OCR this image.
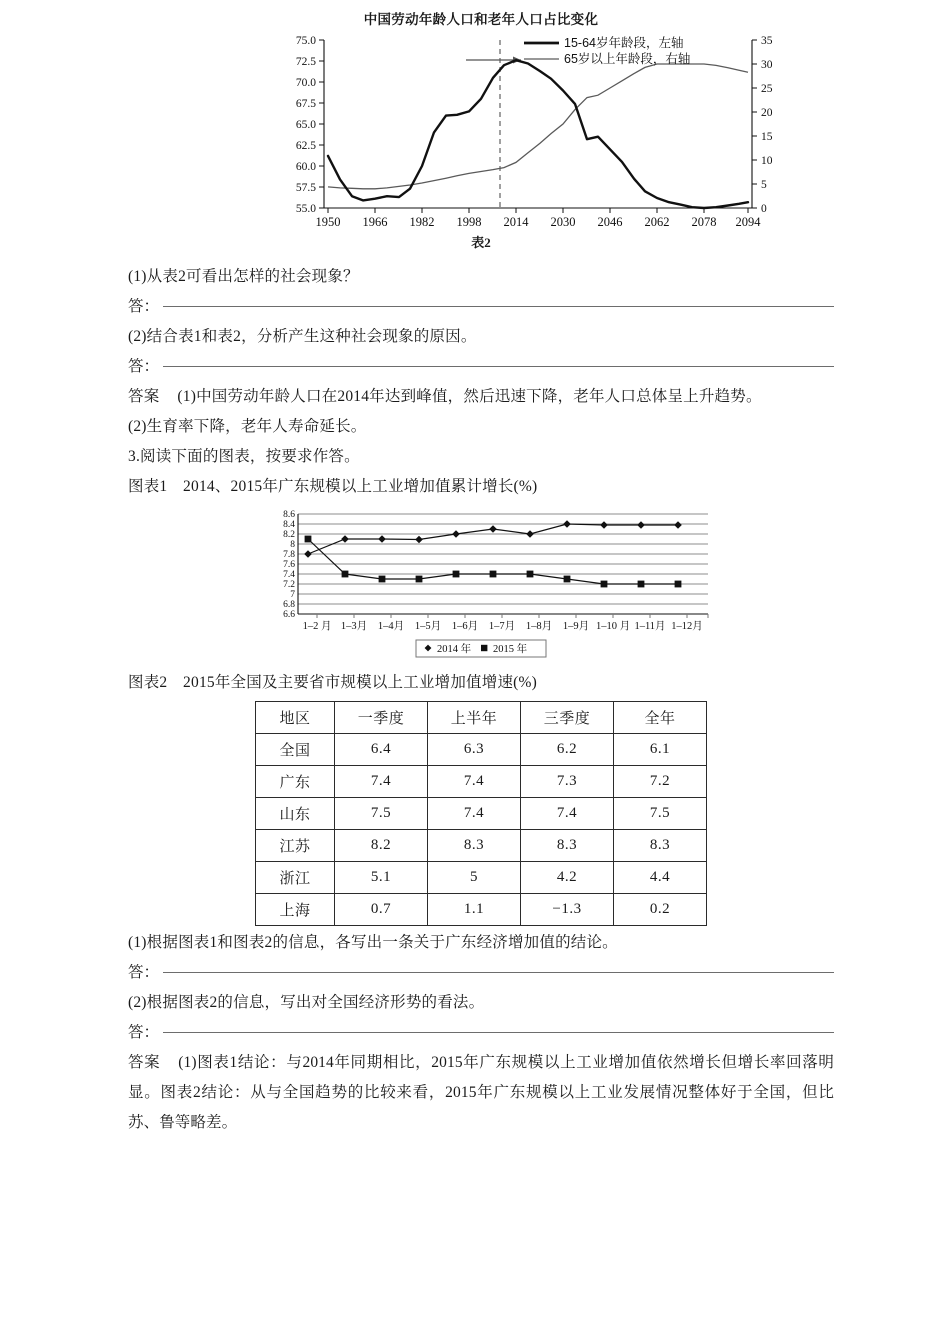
中国劳动年龄人口和老年人口占比变化
75.0
72.5
70.0
67.5
65.0
62.5
60.0
57.5
55.0
35
30
25
20
15
10
5
0
1950 1966 1982 1998 2014 2030 2046 2062 2078 2094
15-64岁年龄段，左轴
65岁以上年龄段，右轴
表2
(1)从表2可看出怎样的社会现象？
答：
(2)结合表1和表2，分析产生这种社会现象的原因。
答：
答案 (1)中国劳动年龄人口在2014年达到峰值，然后迅速下降，老年人口总体呈上升趋势。
(2)生育率下降，老年人寿命延长。
3.阅读下面的图表，按要求作答。
图表1　2014、2015年广东规模以上工业增加值累计增长(%)
8.6
8.4
8.2
8
7.8
7.6
7.4
7.2
7
6.8
6.6
1–2 月 1–3月 1–4月 1–5月 1–6月 1–7月 1–8月 1–9月 1–10 月 1–11月 1–12月
2014 年 2015 年
图表2　2015年全国及主要省市规模以上工业增加值增速(%)
地区	一季度	上半年	三季度	全年
全国	6.4	6.3	6.2	6.1
广东	7.4	7.4	7.3	7.2
山东	7.5	7.4	7.4	7.5
江苏	8.2	8.3	8.3	8.3
浙江	5.1	5	4.2	4.4
上海	0.7	1.1	−1.3	0.2
(1)根据图表1和图表2的信息，各写出一条关于广东经济增加值的结论。
答：
(2)根据图表2的信息，写出对全国经济形势的看法。
答：
答案 (1)图表1结论：与2014年同期相比，2015年广东规模以上工业增加值依然增长但增长率回落明显。图表2结论：从与全国趋势的比较来看，2015年广东规模以上工业发展情况整体好于全国，但比苏、鲁等略差。
